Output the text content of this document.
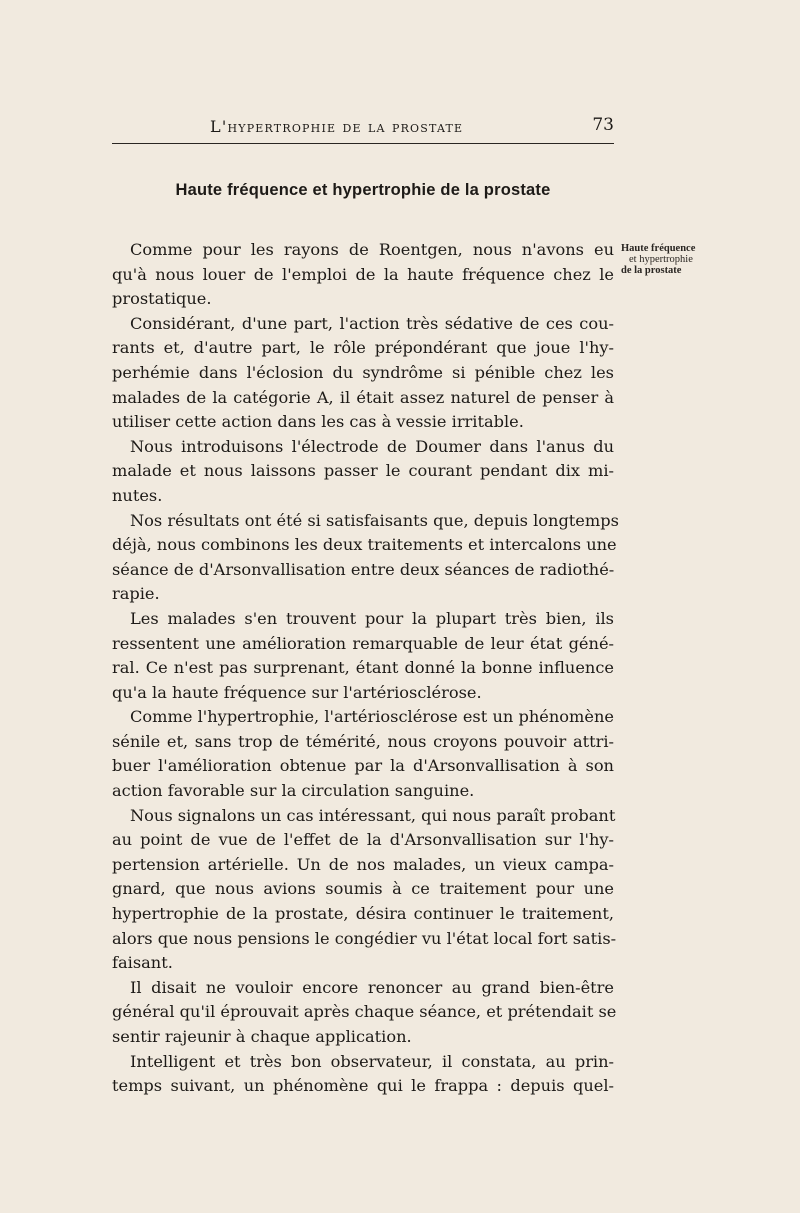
L'hypertrophie de la prostate	73
Haute fréquence et hypertrophie de la prostate
Haute fréquence
et hypertrophie
de la prostate
Comme pour les rayons de Roentgen, nous n'avons eu
qu'à nous louer de l'emploi de la haute fréquence chez le
prostatique.
Considérant, d'une part, l'action très sédative de ces cou-
rants et, d'autre part, le rôle prépondérant que joue l'hy-
perhémie dans l'éclosion du syndrôme si pénible chez les
malades de la catégorie A, il était assez naturel de penser à
utiliser cette action dans les cas à vessie irritable.
Nous introduisons l'électrode de Doumer dans l'anus du
malade et nous laissons passer le courant pendant dix mi-
nutes.
Nos résultats ont été si satisfaisants que, depuis longtemps
déjà, nous combinons les deux traitements et intercalons une
séance de d'Arsonvallisation entre deux séances de radiothé-
rapie.
Les malades s'en trouvent pour la plupart très bien, ils
ressentent une amélioration remarquable de leur état géné-
ral. Ce n'est pas surprenant, étant donné la bonne influence
qu'a la haute fréquence sur l'artériosclérose.
Comme l'hypertrophie, l'artériosclérose est un phénomène
sénile et, sans trop de témérité, nous croyons pouvoir attri-
buer l'amélioration obtenue par la d'Arsonvallisation à son
action favorable sur la circulation sanguine.
Nous signalons un cas intéressant, qui nous paraît probant
au point de vue de l'effet de la d'Arsonvallisation sur l'hy-
pertension artérielle. Un de nos malades, un vieux campa-
gnard, que nous avions soumis à ce traitement pour une
hypertrophie de la prostate, désira continuer le traitement,
alors que nous pensions le congédier vu l'état local fort satis-
faisant.
Il disait ne vouloir encore renoncer au grand bien-être
général qu'il éprouvait après chaque séance, et prétendait se
sentir rajeunir à chaque application.
Intelligent et très bon observateur, il constata, au prin-
temps suivant, un phénomène qui le frappa : depuis quel-
